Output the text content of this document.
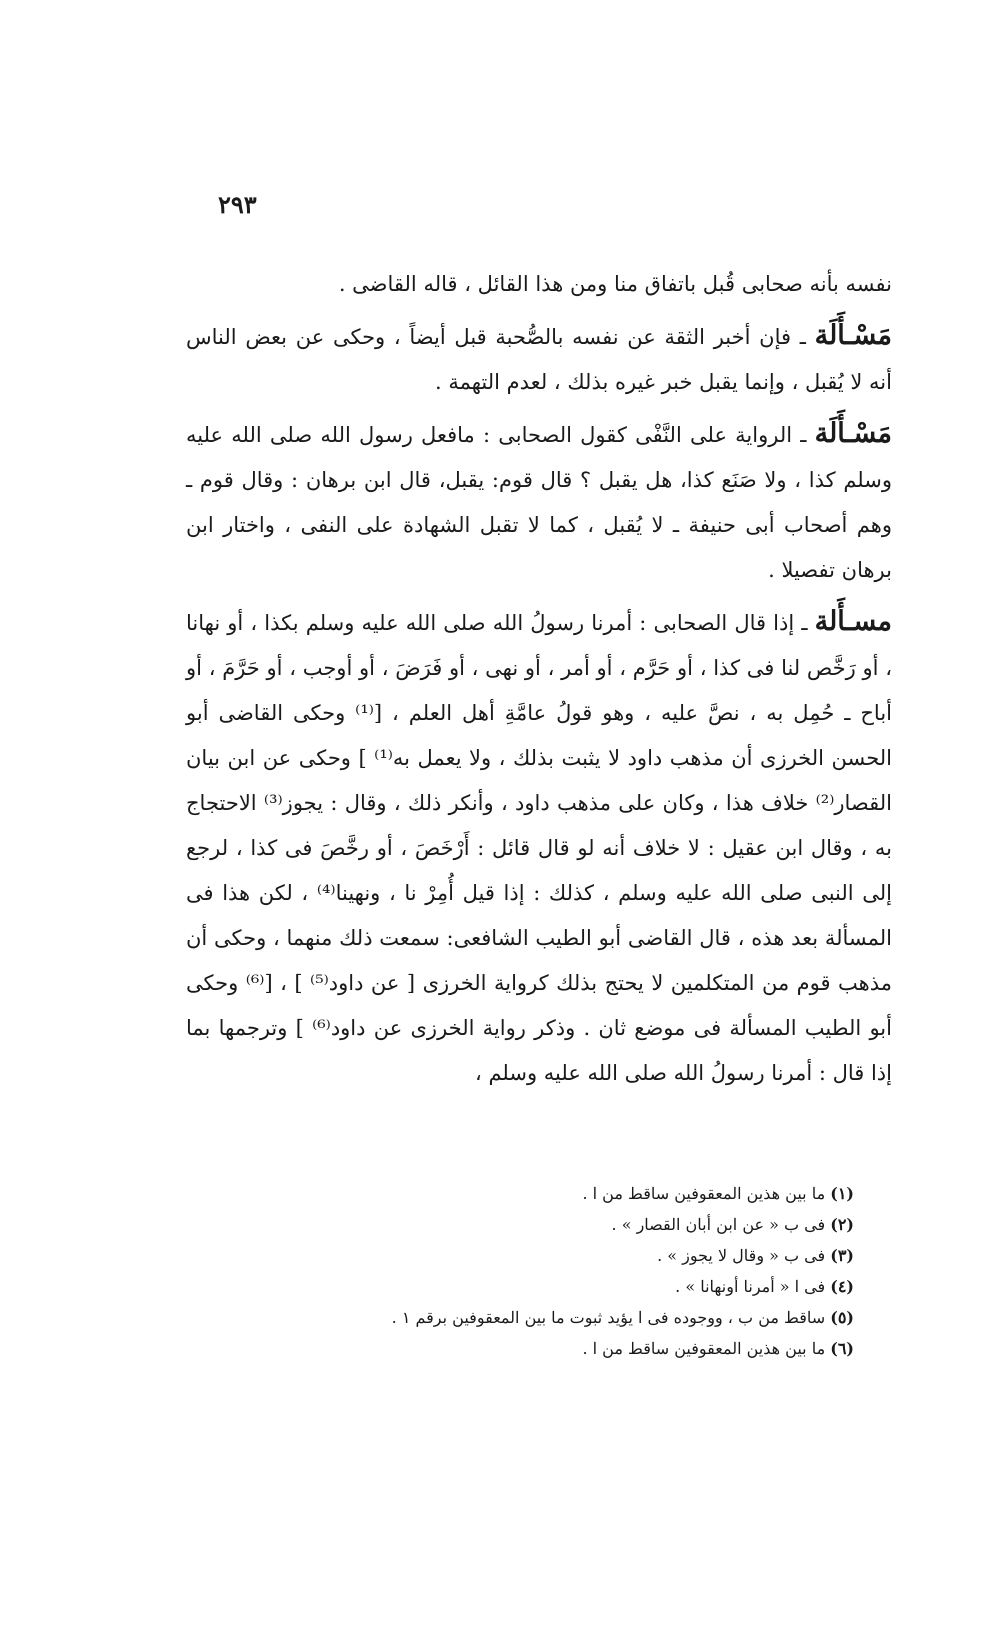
٢٩٣

نفسه بأنه صحابى قُبل باتفاق منا ومن هذا القائل ، قاله القاضى .

مَسْـأَلَة ـ فإن أخبر الثقة عن نفسه بالصُّحبة قبل أيضاً ، وحكى عن بعض الناس أنه لا يُقبل ، وإنما يقبل خبر غيره بذلك ، لعدم التهمة .

مَسْـأَلَة ـ الرواية على النَّفْى كقول الصحابى : مافعل رسول الله صلى الله عليه وسلم كذا ، ولا صَنَع كذا، هل يقبل ؟ قال قوم: يقبل، قال ابن برهان : وقال قوم ـ وهم أصحاب أبى حنيفة ـ لا يُقبل ، كما لا تقبل الشهادة على النفى ، واختار ابن برهان تفصيلا .

مسـأَلة ـ إذا قال الصحابى : أمرنا رسولُ الله صلى الله عليه وسلم بكذا ، أو نهانا ، أو رَخَّص لنا فى كذا ، أو حَرَّم ، أو أمر ، أو نهى ، أو فَرَضَ ، أو أوجب ، أو حَرَّمَ ، أو أباح ـ حُمِل به ، نصَّ عليه ، وهو قولُ عامَّةِ أهل العلم ، [⁽¹⁾ وحكى القاضى أبو الحسن الخرزى أن مذهب داود لا يثبت بذلك ، ولا يعمل به⁽¹⁾ ] وحكى عن ابن بيان القصار⁽²⁾ خلاف هذا ، وكان على مذهب داود ، وأنكر ذلك ، وقال : يجوز⁽³⁾ الاحتجاج به ، وقال ابن عقيل : لا خلاف أنه لو قال قائل : أَرْخَصَ ، أو رخَّصَ فى كذا ، لرجع إلى النبى صلى الله عليه وسلم ، كذلك : إذا قيل أُمِرْ نا ، ونهينا⁽⁴⁾ ، لكن هذا فى المسألة بعد هذه ، قال القاضى أبو الطيب الشافعى: سمعت ذلك منهما ، وحكى أن مذهب قوم من المتكلمين لا يحتج بذلك كرواية الخرزى [ عن داود⁽⁵⁾ ] ، [⁽⁶⁾ وحكى أبو الطيب المسألة فى موضع ثان . وذكر رواية الخرزى عن داود⁽⁶⁾ ] وترجمها بما إذا قال : أمرنا رسولُ الله صلى الله عليه وسلم ،

(١) ما بين هذين المعقوفين ساقط من ا .
(٢) فى ب « عن ابن أبان القصار » .
(٣) فى ب « وقال لا يجوز » .
(٤) فى ا « أمرنا أونهانا » .
(٥) ساقط من ب ، ووجوده فى ا يؤيد ثبوت ما بين المعقوفين برقم ١ .
(٦) ما بين هذين المعقوفين ساقط من ا .
